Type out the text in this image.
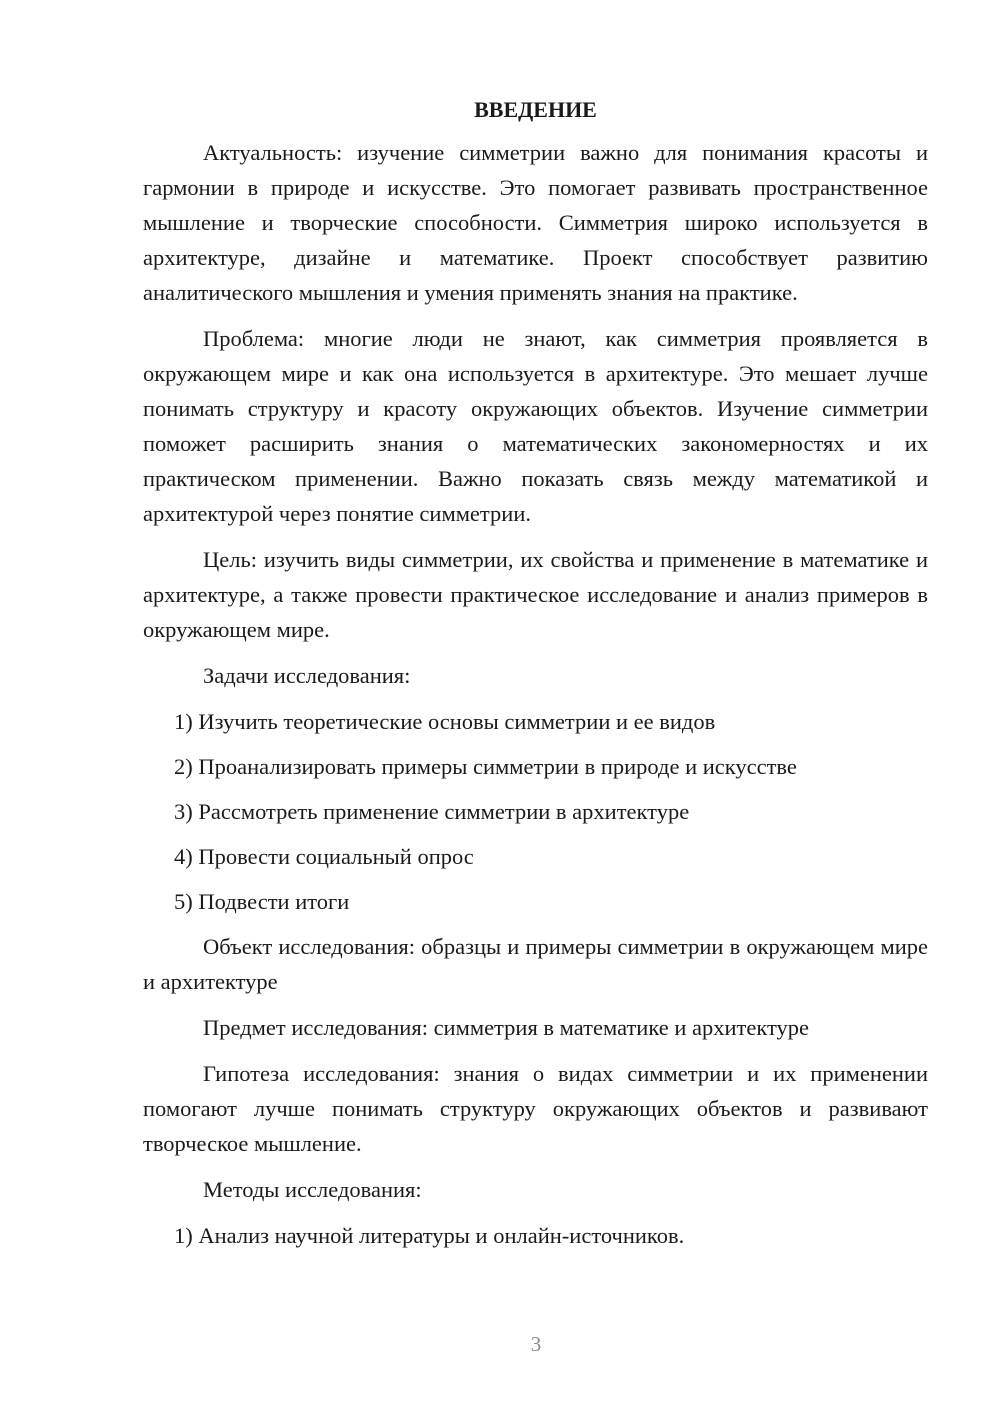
ВВЕДЕНИЕ

Актуальность: изучение симметрии важно для понимания красоты и гармонии в природе и искусстве. Это помогает развивать пространственное мышление и творческие способности. Симметрия широко используется в архитектуре, дизайне и математике. Проект способствует развитию аналитического мышления и умения применять знания на практике.

Проблема: многие люди не знают, как симметрия проявляется в окружающем мире и как она используется в архитектуре. Это мешает лучше понимать структуру и красоту окружающих объектов. Изучение симметрии поможет расширить знания о математических закономерностях и их практическом применении. Важно показать связь между математикой и архитектурой через понятие симметрии.

Цель: изучить виды симметрии, их свойства и применение в математике и архитектуре, а также провести практическое исследование и анализ примеров в окружающем мире.

Задачи исследования:

1) Изучить теоретические основы симметрии и ее видов
2) Проанализировать примеры симметрии в природе и искусстве
3) Рассмотреть применение симметрии в архитектуре
4) Провести социальный опрос
5) Подвести итоги

Объект исследования: образцы и примеры симметрии в окружающем мире и архитектуре

Предмет исследования: симметрия в математике и архитектуре

Гипотеза исследования: знания о видах симметрии и их применении помогают лучше понимать структуру окружающих объектов и развивают творческое мышление.

Методы исследования:

1) Анализ научной литературы и онлайн-источников.
3
